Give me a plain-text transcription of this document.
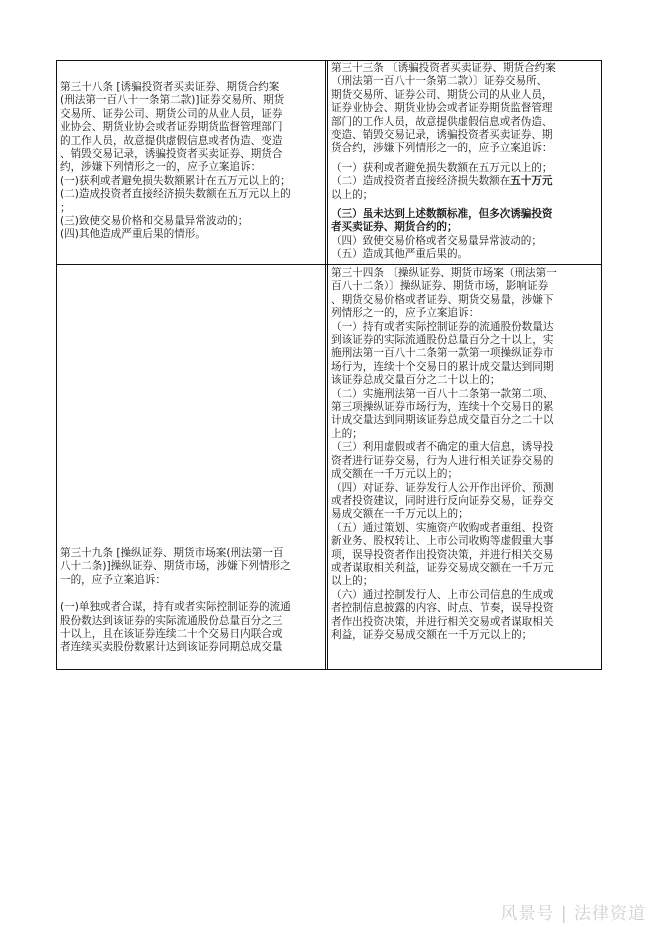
第三十八条 [诱骗投资者买卖证券、期货合约案

(刑法第一百八十一条第二款)]证券交易所、期货

交易所、证券公司、期货公司的从业人员，证券

业协会、期货业协会或者证券期货监督管理部门

的工作人员，故意提供虚假信息或者伪造、变造

、销毁交易记录，诱骗投资者买卖证券、期货合

约，涉嫌下列情形之一的，应予立案追诉：

(一)获利或者避免损失数额累计在五万元以上的；

(二)造成投资者直接经济损失数额在五万元以上的

；

(三)致使交易价格和交易量异常波动的；

(四)其他造成严重后果的情形。

第三十三条 〔诱骗投资者买卖证券、期货合约案

（刑法第一百八十一条第二款）〕证券交易所、

期货交易所、证券公司、期货公司的从业人员，

证券业协会、期货业协会或者证券期货监督管理

部门的工作人员，故意提供虚假信息或者伪造、

变造、销毁交易记录，诱骗投资者买卖证券、期

货合约，涉嫌下列情形之一的，应予立案追诉：

（一）获利或者避免损失数额在五万元以上的；

（二）造成投资者直接经济损失数额在五十万元

以上的；

（三）虽未达到上述数额标准，但多次诱骗投资

者买卖证券、期货合约的；

（四）致使交易价格或者交易量异常波动的；

（五）造成其他严重后果的。

第三十九条 [操纵证券、期货市场案(刑法第一百

八十二条)]操纵证券、期货市场，涉嫌下列情形之

一的，应予立案追诉：

(一)单独或者合谋，持有或者实际控制证券的流通

股份数达到该证券的实际流通股份总量百分之三

十以上，且在该证券连续二十个交易日内联合或

者连续买卖股份数累计达到该证券同期总成交量

第三十四条 〔操纵证券、期货市场案（刑法第一

百八十二条）〕操纵证券、期货市场，影响证券

、期货交易价格或者证券、期货交易量，涉嫌下

列情形之一的，应予立案追诉：

（一）持有或者实际控制证券的流通股份数量达

到该证券的实际流通股份总量百分之十以上，实

施刑法第一百八十二条第一款第一项操纵证券市

场行为，连续十个交易日的累计成交量达到同期

该证券总成交量百分之二十以上的；

（二）实施刑法第一百八十二条第一款第二项、

第三项操纵证券市场行为，连续十个交易日的累

计成交量达到同期该证券总成交量百分之二十以

上的；

（三）利用虚假或者不确定的重大信息，诱导投

资者进行证券交易，行为人进行相关证券交易的

成交额在一千万元以上的；

（四）对证券、证券发行人公开作出评价、预测

或者投资建议，同时进行反向证券交易，证券交

易成交额在一千万元以上的；

（五）通过策划、实施资产收购或者重组、投资

新业务、股权转让、上市公司收购等虚假重大事

项，误导投资者作出投资决策，并进行相关交易

或者谋取相关利益，证券交易成交额在一千万元

以上的；

（六）通过控制发行人、上市公司信息的生成或

者控制信息披露的内容、时点、节奏，误导投资

者作出投资决策，并进行相关交易或者谋取相关

利益，证券交易成交额在一千万元以上的；

风景号 | 法律资道
